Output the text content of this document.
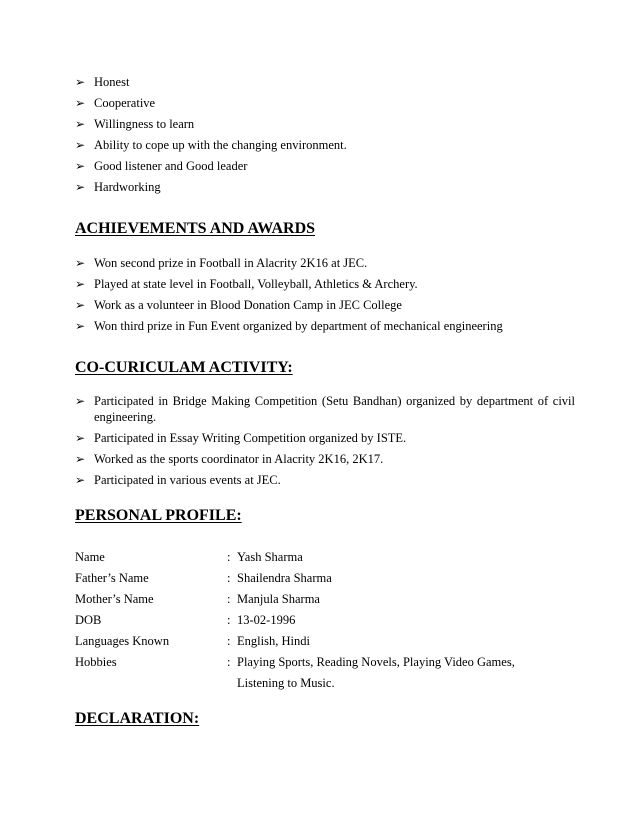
➢ Honest
➢ Cooperative
➢ Willingness to learn
➢ Ability to cope up with the changing environment.
➢ Good listener and Good leader
➢ Hardworking
ACHIEVEMENTS AND AWARDS
➢ Won second prize in Football in Alacrity 2K16 at JEC.
➢ Played at state level in Football, Volleyball, Athletics & Archery.
➢ Work as a volunteer in Blood Donation Camp in JEC College
➢ Won third prize in Fun Event organized by department of mechanical engineering
CO-CURICULAM ACTIVITY:
➢ Participated in Bridge Making Competition (Setu Bandhan) organized by department of civil engineering.
➢ Participated in Essay Writing Competition organized by ISTE.
➢ Worked as the sports coordinator in Alacrity 2K16, 2K17.
➢ Participated in various events at JEC.
PERSONAL PROFILE:
Name	: Yash Sharma
Father’s Name	: Shailendra Sharma
Mother’s Name	: Manjula Sharma
DOB	: 13-02-1996
Languages Known	: English, Hindi
Hobbies	: Playing Sports, Reading Novels, Playing Video Games,
Listening to Music.
DECLARATION:
